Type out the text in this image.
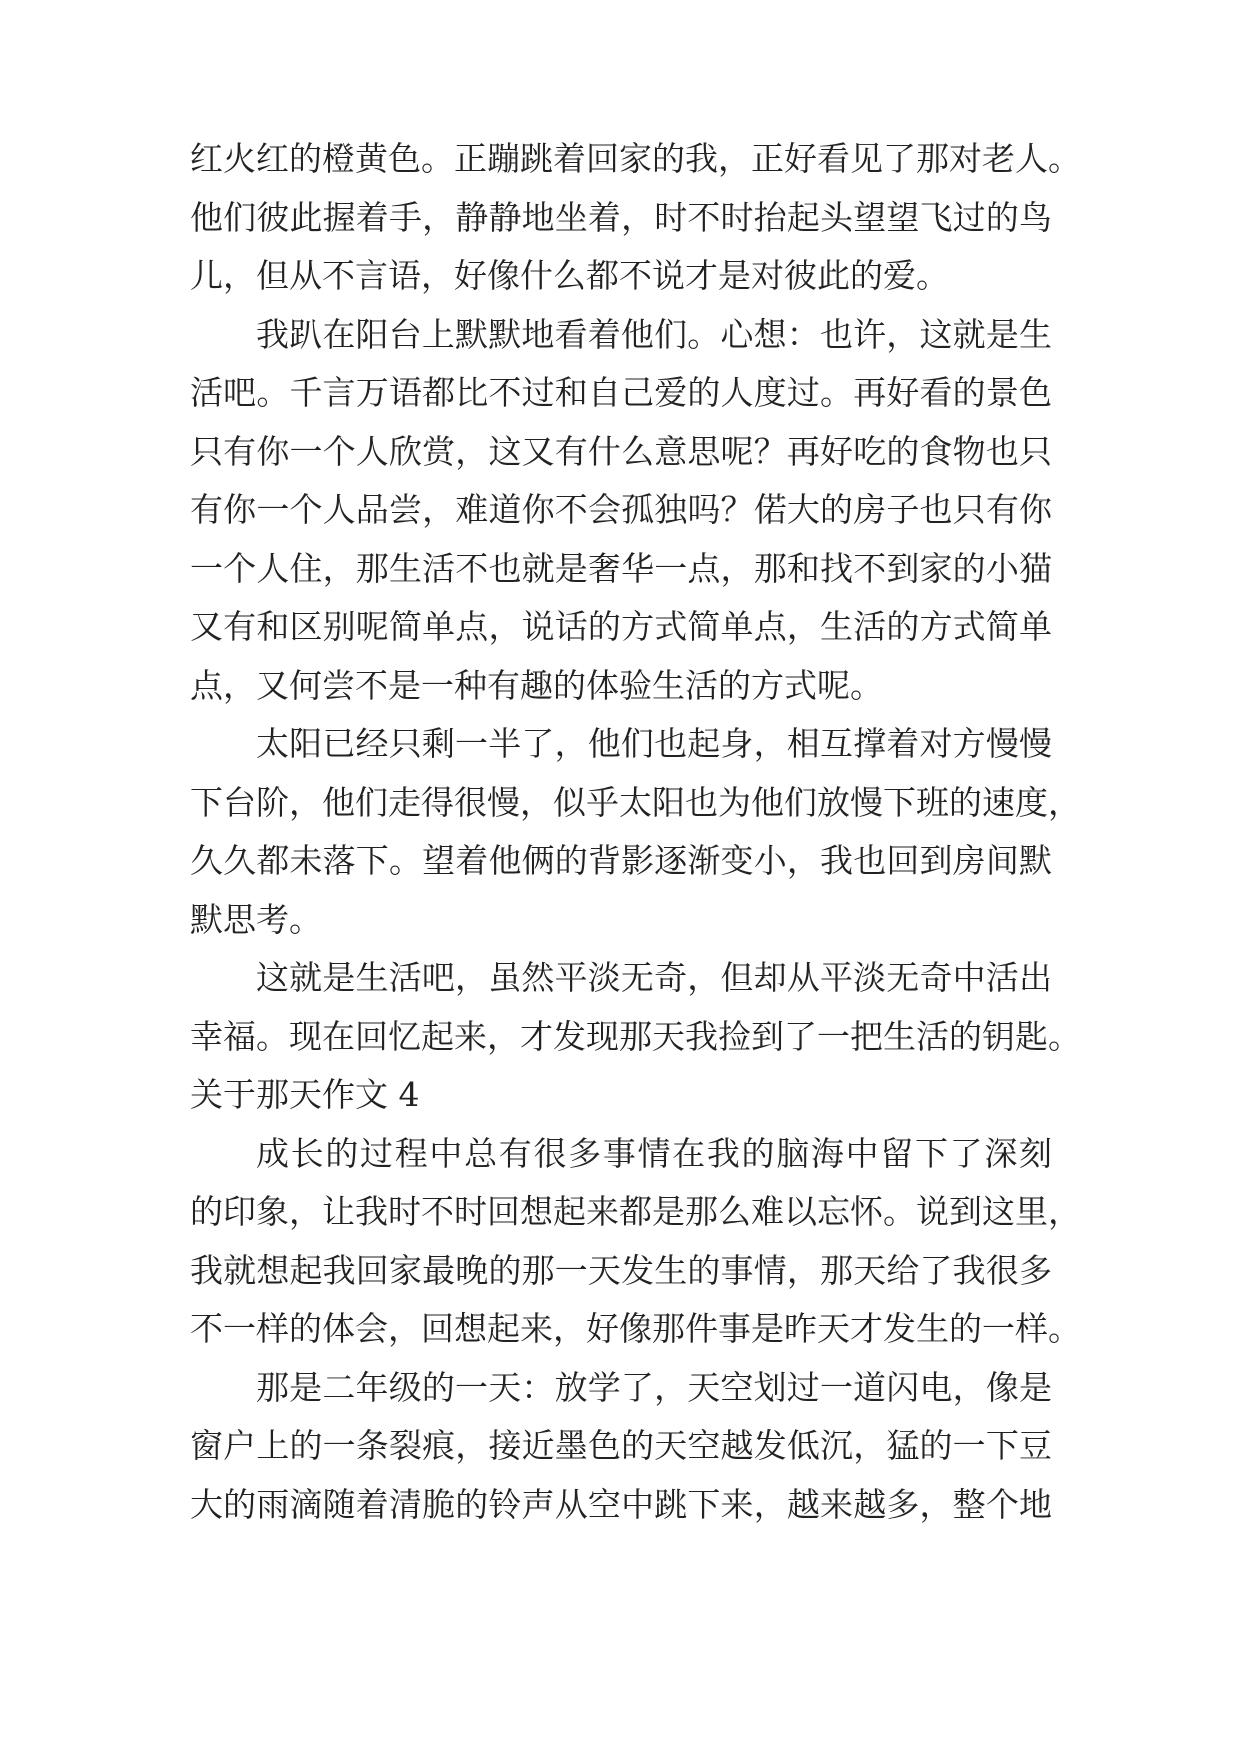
红火红的橙黄色。正蹦跳着回家的我，正好看见了那对老人。
他们彼此握着手，静静地坐着，时不时抬起头望望飞过的鸟
儿，但从不言语，好像什么都不说才是对彼此的爱。
我趴在阳台上默默地看着他们。心想：也许，这就是生
活吧。千言万语都比不过和自己爱的人度过。再好看的景色
只有你一个人欣赏，这又有什么意思呢？再好吃的食物也只
有你一个人品尝，难道你不会孤独吗？偌大的房子也只有你
一个人住，那生活不也就是奢华一点，那和找不到家的小猫
又有和区别呢简单点，说话的方式简单点，生活的方式简单
点，又何尝不是一种有趣的体验生活的方式呢。
太阳已经只剩一半了，他们也起身，相互撑着对方慢慢
下台阶，他们走得很慢，似乎太阳也为他们放慢下班的速度，
久久都未落下。望着他俩的背影逐渐变小，我也回到房间默
默思考。
这就是生活吧，虽然平淡无奇，但却从平淡无奇中活出
幸福。现在回忆起来，才发现那天我捡到了一把生活的钥匙。
关于那天作文 4
成长的过程中总有很多事情在我的脑海中留下了深刻
的印象，让我时不时回想起来都是那么难以忘怀。说到这里，
我就想起我回家最晚的那一天发生的事情，那天给了我很多
不一样的体会，回想起来，好像那件事是昨天才发生的一样。
那是二年级的一天：放学了，天空划过一道闪电，像是
窗户上的一条裂痕，接近墨色的天空越发低沉，猛的一下豆
大的雨滴随着清脆的铃声从空中跳下来，越来越多，整个地
